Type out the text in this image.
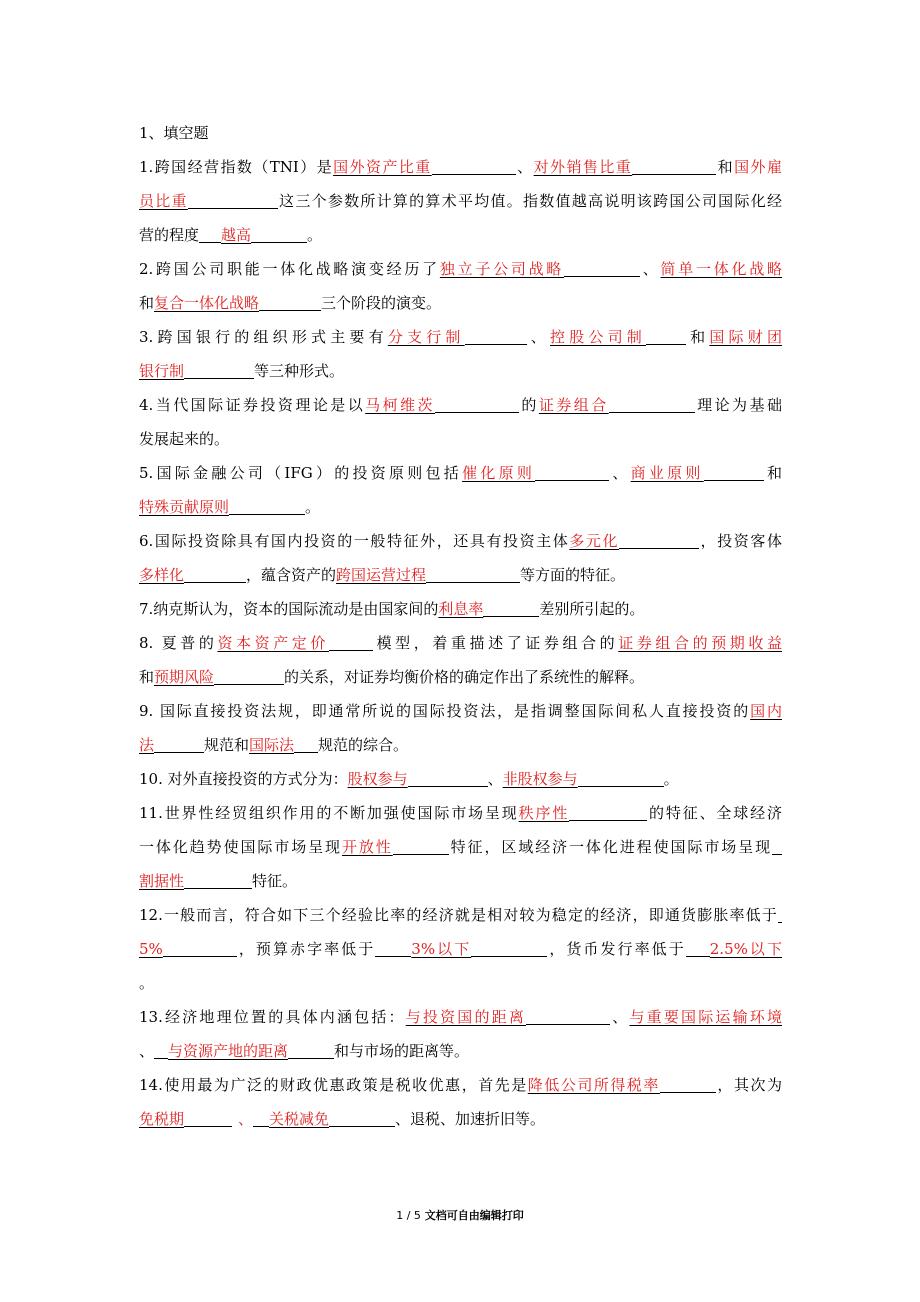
1、填空题
1.跨国经营指数（TNI）是国外资产比重	、对外销售比重	和国外雇
员比重	这三个参数所计算的算术平均值。指数值越高说明该跨国公司国际化经
营的程度 越高	。
2.跨国公司职能一体化战略演变经历了独立子公司战略	、简单一体化战略
和复合一体化战略	三个阶段的演变。
3.跨国银行的组织形式主要有分支行制	、控股公司制	和国际财团
银行制	等三种形式。
4.当代国际证券投资理论是以马柯维茨	的证券组合	理论为基础
发展起来的。
5.国际金融公司（IFG）的投资原则包括催化原则	、商业原则	和
特殊贡献原则	。
6.国际投资除具有国内投资的一般特征外，还具有投资主体多元化	，投资客体
多样化	，蕴含资产的跨国运营过程	等方面的特征。
7.纳克斯认为，资本的国际流动是由国家间的利息率	差别所引起的。
8. 夏普的资本资产定价	模型，着重描述了证券组合的证券组合的预期收益
和预期风险	的关系，对证券均衡价格的确定作出了系统性的解释。
9. 国际直接投资法规，即通常所说的国际投资法，是指调整国际间私人直接投资的国内
法	规范和国际法 规范的综合。
10. 对外直接投资的方式分为：股权参与	、非股权参与	。
11.世界性经贸组织作用的不断加强使国际市场呈现秩序性	的特征、全球经济
一体化趋势使国际市场呈现开放性	特征，区域经济一体化进程使国际市场呈现
割据性	特征。
12.一般而言，符合如下三个经验比率的经济就是相对较为稳定的经济，即通货膨胀率低于
5%	，预算赤字率低于 3%以下	，货币发行率低于 2.5%以下
。
13.经济地理位置的具体内涵包括：与投资国的距离	、与重要国际运输环境
、 与资源产地的距离	和与市场的距离等。
14.使用最为广泛的财政优惠政策是税收优惠，首先是降低公司所得税率	，其次为
免税期	、 关税减免	、退税、加速折旧等。
1 / 5 文档可自由编辑打印
